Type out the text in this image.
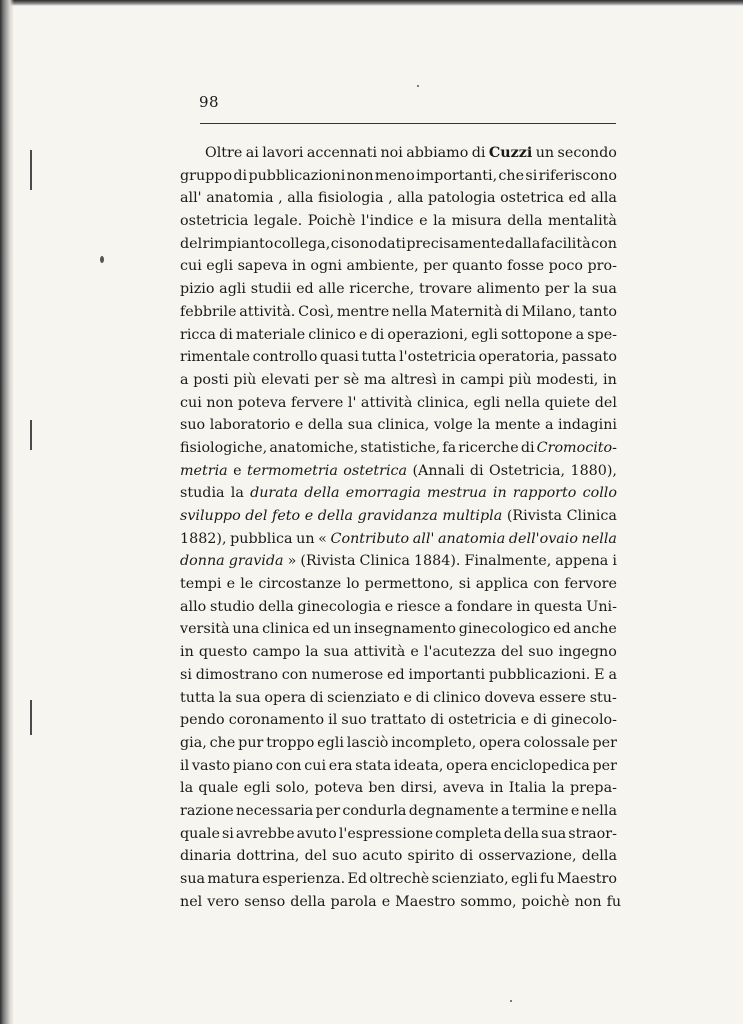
98
Oltre ai lavori accennati noi abbiamo di Cuzzi un secondo
gruppo di pubblicazioni non meno importanti, che si riferiscono
all' anatomia , alla fisiologia , alla patologia ostetrica ed alla
ostetricia legale. Poichè l'indice e la misura della mentalità
del rimpianto collega, ci sono dati precisamente dalla facilità con
cui egli sapeva in ogni ambiente, per quanto fosse poco pro-
pizio agli studii ed alle ricerche, trovare alimento per la sua
febbrile attività. Così, mentre nella Maternità di Milano, tanto
ricca di materiale clinico e di operazioni, egli sottopone a spe-
rimentale controllo quasi tutta l'ostetricia operatoria, passato
a posti più elevati per sè ma altresì in campi più modesti, in
cui non poteva fervere l' attività clinica, egli nella quiete del
suo laboratorio e della sua clinica, volge la mente a indagini
fisiologiche, anatomiche, statistiche, fa ricerche di Cromocito-
metria e termometria ostetrica (Annali di Ostetricia, 1880),
studia la durata della emorragia mestrua in rapporto collo
sviluppo del feto e della gravidanza multipla (Rivista Clinica
1882), pubblica un « Contributo all' anatomia dell'ovaio nella
donna gravida » (Rivista Clinica 1884). Finalmente, appena i
tempi e le circostanze lo permettono, si applica con fervore
allo studio della ginecologia e riesce a fondare in questa Uni-
versità una clinica ed un insegnamento ginecologico ed anche
in questo campo la sua attività e l'acutezza del suo ingegno
si dimostrano con numerose ed importanti pubblicazioni. E a
tutta la sua opera di scienziato e di clinico doveva essere stu-
pendo coronamento il suo trattato di ostetricia e di ginecolo-
gia, che pur troppo egli lasciò incompleto, opera colossale per
il vasto piano con cui era stata ideata, opera enciclopedica per
la quale egli solo, poteva ben dirsi, aveva in Italia la prepa-
razione necessaria per condurla degnamente a termine e nella
quale si avrebbe avuto l'espressione completa della sua straor-
dinaria dottrina, del suo acuto spirito di osservazione, della
sua matura esperienza. Ed oltrechè scienziato, egli fu Maestro
nel vero senso della parola e Maestro sommo, poichè non fu
